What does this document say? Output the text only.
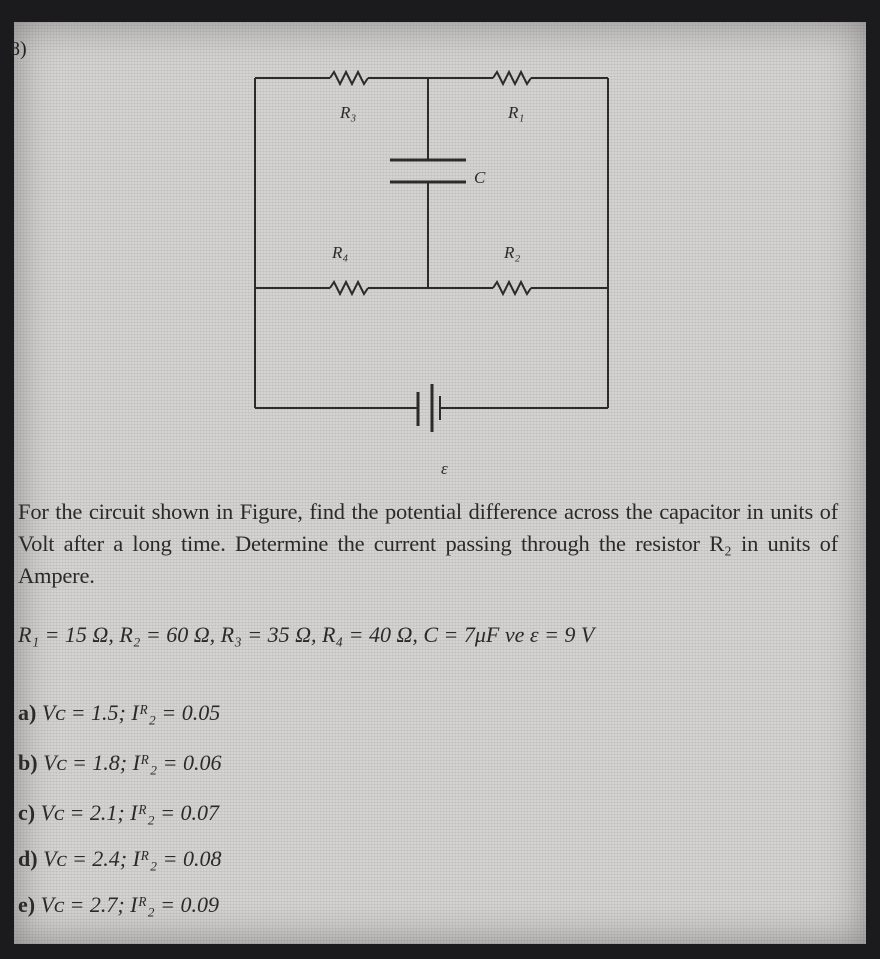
8)
R₃	R₁
C
R₄	R₂
ε
For the circuit shown in Figure, find the potential difference across the capacitor in units of Volt after a long time. Determine the current passing through the resistor R₂ in units of Ampere.
R₁ = 15 Ω, R₂ = 60 Ω, R₃ = 35 Ω, R₄ = 40 Ω, C = 7μF ve ε = 9 V
a) Vᴄ = 1.5; Iᴿ₂ = 0.05
b) Vᴄ = 1.8; Iᴿ₂ = 0.06
c) Vᴄ = 2.1; Iᴿ₂ = 0.07
d) Vᴄ = 2.4; Iᴿ₂ = 0.08
e) Vᴄ = 2.7; Iᴿ₂ = 0.09
